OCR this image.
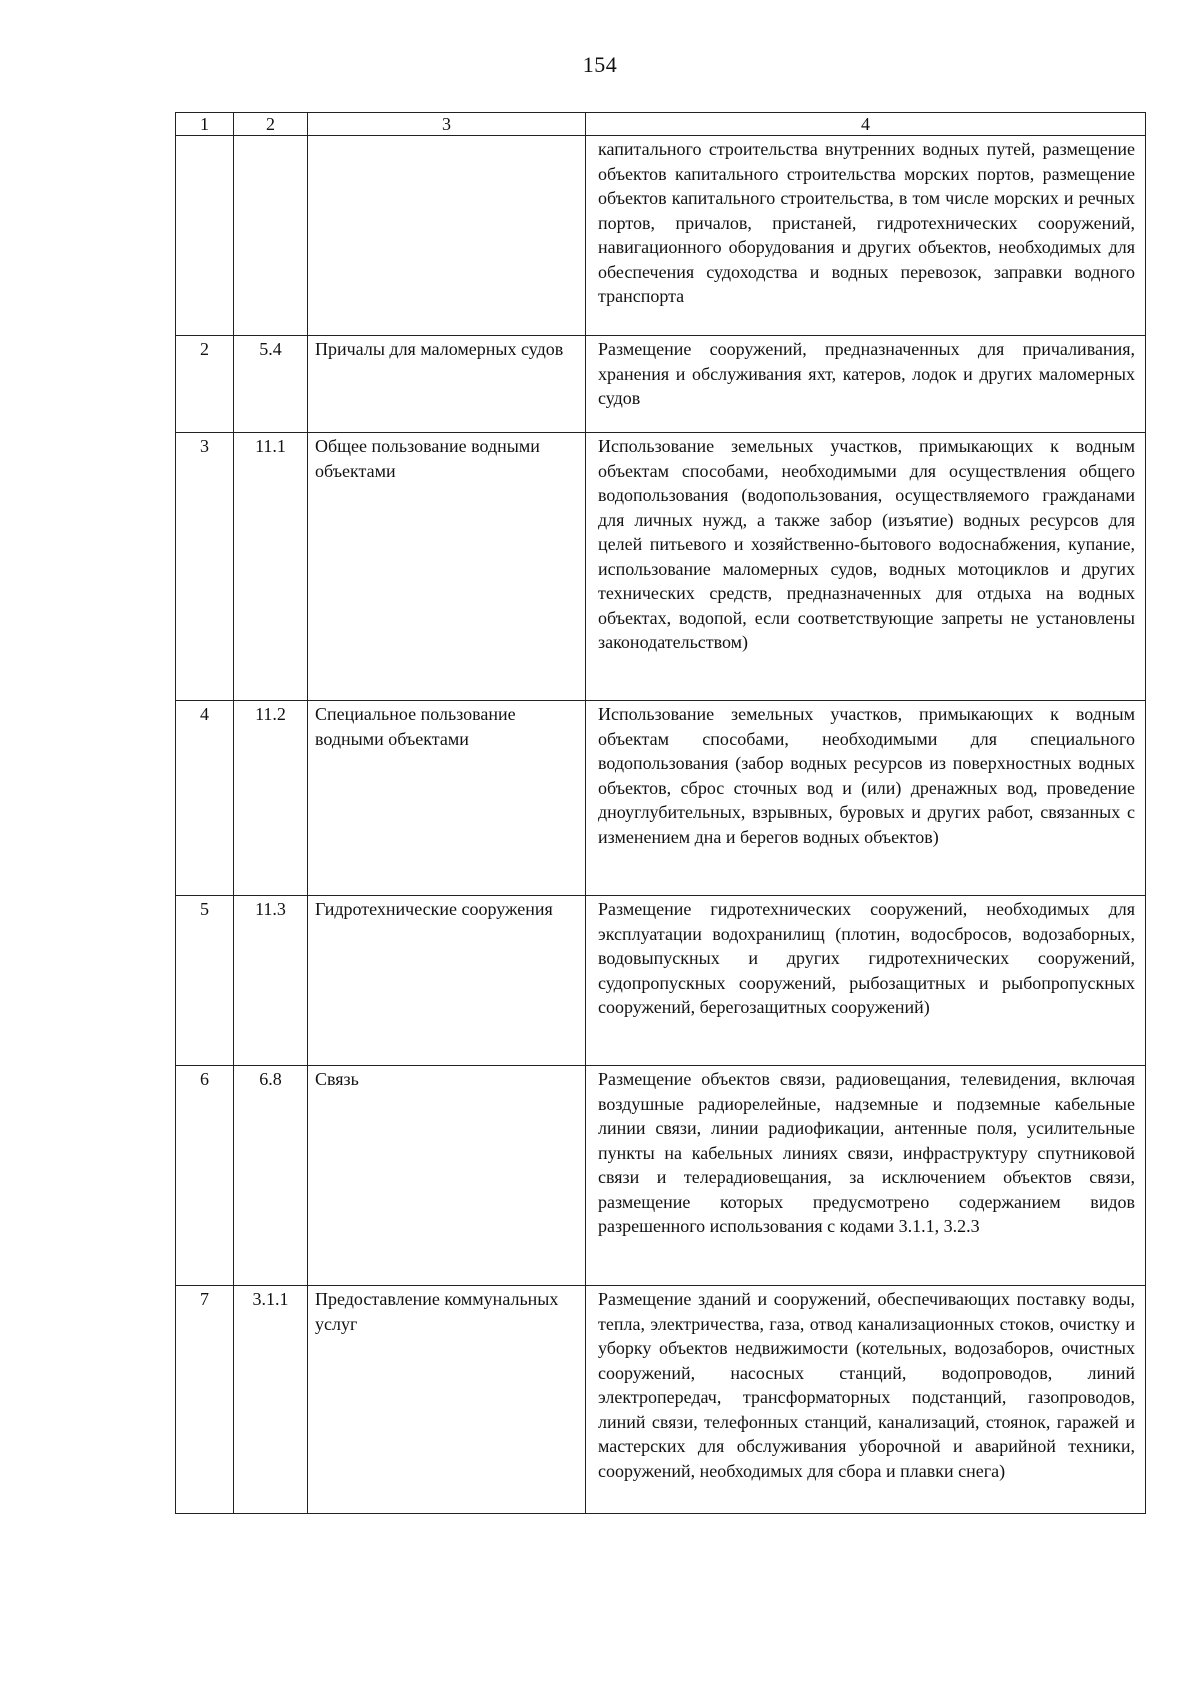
154
1	2	3	4
			капитального строительства внутренних водных путей, размещение объектов капитального строительства морских портов, размещение объектов капитального строительства, в том числе морских и речных портов, причалов, пристаней, гидротехнических сооружений, навигационного оборудования и других объектов, необходимых для обеспечения судоходства и водных перевозок, заправки водного транспорта
2	5.4	Причалы для маломерных судов	Размещение сооружений, предназначенных для причаливания, хранения и обслуживания яхт, катеров, лодок и других маломерных судов
3	11.1	Общее пользование водными объектами	Использование земельных участков, примыкающих к водным объектам способами, необходимыми для осуществления общего водопользования (водопользования, осуществляемого гражданами для личных нужд, а также забор (изъятие) водных ресурсов для целей питьевого и хозяйственно-бытового водоснабжения, купание, использование маломерных судов, водных мотоциклов и других технических средств, предназначенных для отдыха на водных объектах, водопой, если соответствующие запреты не установлены законодательством)
4	11.2	Специальное пользование водными объектами	Использование земельных участков, примыкающих к водным объектам способами, необходимыми для специального водопользования (забор водных ресурсов из поверхностных водных объектов, сброс сточных вод и (или) дренажных вод, проведение дноуглубительных, взрывных, буровых и других работ, связанных с изменением дна и берегов водных объектов)
5	11.3	Гидротехнические сооружения	Размещение гидротехнических сооружений, необходимых для эксплуатации водохранилищ (плотин, водосбросов, водозаборных, водовыпускных и других гидротехнических сооружений, судопропускных сооружений, рыбозащитных и рыбопропускных сооружений, берегозащитных сооружений)
6	6.8	Связь	Размещение объектов связи, радиовещания, телевидения, включая воздушные радиорелейные, надземные и подземные кабельные линии связи, линии радиофикации, антенные поля, усилительные пункты на кабельных линиях связи, инфраструктуру спутниковой связи и телерадиовещания, за исключением объектов связи, размещение которых предусмотрено содержанием видов разрешенного использования с кодами 3.1.1, 3.2.3
7	3.1.1	Предоставление коммунальных услуг	Размещение зданий и сооружений, обеспечивающих поставку воды, тепла, электричества, газа, отвод канализационных стоков, очистку и уборку объектов недвижимости (котельных, водозаборов, очистных сооружений, насосных станций, водопроводов, линий электропередач, трансформаторных подстанций, газопроводов, линий связи, телефонных станций, канализаций, стоянок, гаражей и мастерских для обслуживания уборочной и аварийной техники, сооружений, необходимых для сбора и плавки снега)
